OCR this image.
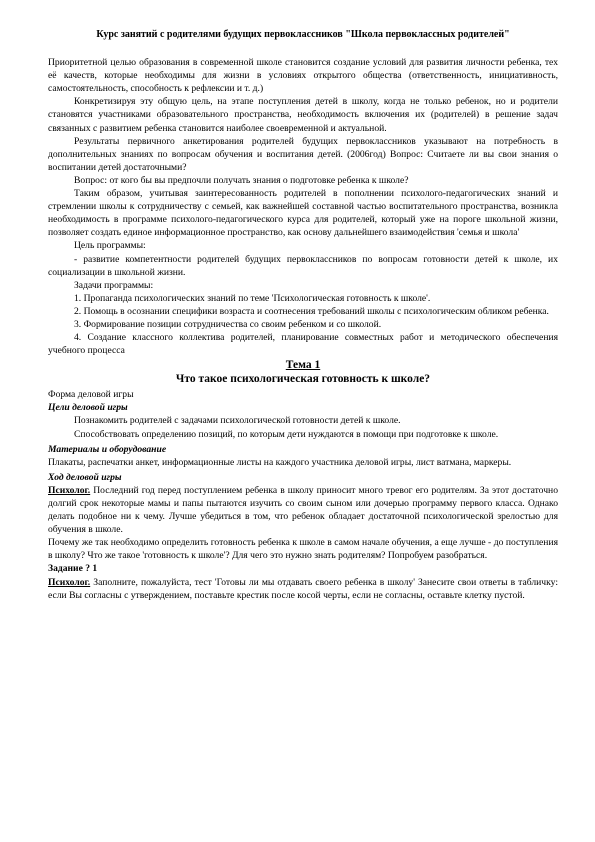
Курс занятий с родителями будущих первоклассников "Школа первоклассных родителей"

Приоритетной целью образования в современной школе становится создание условий для развития личности ребенка, тех её качеств, которые необходимы для жизни в условиях открытого общества (ответственность, инициативность, самостоятельность, способность к рефлексии и т. д.)

Конкретизируя эту общую цель, на этапе поступления детей в школу, когда не только ребенок, но и родители становятся участниками образовательного пространства, необходимость включения их (родителей) в решение задач связанных с развитием ребенка становится наиболее своевременной и актуальной.

Результаты первичного анкетирования родителей будущих первоклассников указывают на потребность в дополнительных знаниях по вопросам обучения и воспитания детей. (2006год) Вопрос: Считаете ли вы свои знания о воспитании детей достаточными?

Вопрос: от кого бы вы предпочли получать знания о подготовке ребенка к школе?

Таким образом, учитывая заинтересованность родителей в пополнении психолого-педагогических знаний и стремлении школы к сотрудничеству с семьей, как важнейшей составной частью воспитательного пространства, возникла необходимость в программе психолого-педагогического курса для родителей, который уже на пороге школьной жизни, позволяет создать единое информационное пространство, как основу дальнейшего взаимодействия 'семья и школа'

Цель программы:

- развитие компетентности родителей будущих первоклассников по вопросам готовности детей к школе, их социализации в школьной жизни.

Задачи программы:

1. Пропаганда психологических знаний по теме 'Психологическая готовность к школе'.

2. Помощь в осознании специфики возраста и соотнесения требований школы с психологическим обликом ребенка.

3. Формирование позиции сотрудничества со своим ребенком и со школой.

4. Создание классного коллектива родителей, планирование совместных работ и методического обеспечения учебного процесса

Тема 1
Что такое психологическая готовность к школе?

Форма деловой игры

Цели деловой игры

Познакомить родителей с задачами психологической готовности детей к школе.

Способствовать определению позиций, по которым дети нуждаются в помощи при подготовке к школе.

Материалы и оборудование

Плакаты, распечатки анкет, информационные листы на каждого участника деловой игры, лист ватмана, маркеры.

Ход деловой игры

Психолог. Последний год перед поступлением ребенка в школу приносит много тревог его родителям. За этот достаточно долгий срок некоторые мамы и папы пытаются изучить со своим сыном или дочерью программу первого класса. Однако делать подобное ни к чему. Лучше убедиться в том, что ребенок обладает достаточной психологической зрелостью для обучения в школе.

Почему же так необходимо определить готовность ребенка к школе в самом начале обучения, а еще лучше - до поступления в школу? Что же такое 'готовность к школе'? Для чего это нужно знать родителям? Попробуем разобраться.

Задание ? 1

Психолог. Заполните, пожалуйста, тест 'Готовы ли мы отдавать своего ребенка в школу' Занесите свои ответы в табличку: если Вы согласны с утверждением, поставьте крестик после косой черты, если не согласны, оставьте клетку пустой.
